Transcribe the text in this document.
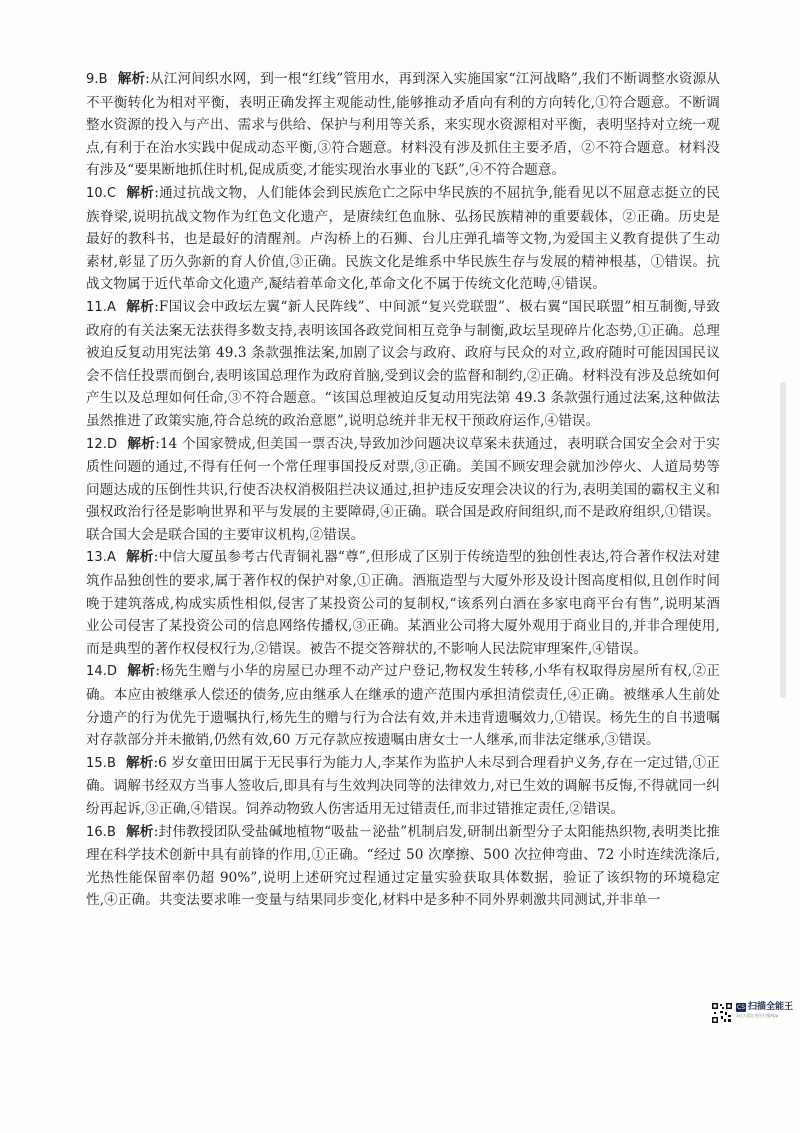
9.B 解析:从江河间织水网，到一根“红线”管用水，再到深入实施国家“江河战略”,我们不断调整水资源从不平衡转化为相对平衡，表明正确发挥主观能动性,能够推动矛盾向有利的方向转化,①符合题意。不断调整水资源的投入与产出、需求与供给、保护与利用等关系，来实现水资源相对平衡，表明坚持对立统一观点,有利于在治水实践中促成动态平衡,③符合题意。材料没有涉及抓住主要矛盾，②不符合题意。材料没有涉及“要果断地抓住时机,促成质变,才能实现治水事业的飞跃”,④不符合题意。

10.C 解析:通过抗战文物，人们能体会到民族危亡之际中华民族的不屈抗争,能看见以不屈意志挺立的民族脊梁,说明抗战文物作为红色文化遗产，是赓续红色血脉、弘扬民族精神的重要载体，②正确。历史是最好的教科书，也是最好的清醒剂。卢沟桥上的石狮、台儿庄弹孔墙等文物,为爱国主义教育提供了生动素材,彰显了历久弥新的育人价值,③正确。民族文化是维系中华民族生存与发展的精神根基，①错误。抗战文物属于近代革命文化遗产,凝结着革命文化,革命文化不属于传统文化范畴,④错误。

11.A 解析:F国议会中政坛左翼“新人民阵线”、中间派“复兴党联盟”、极右翼“国民联盟”相互制衡,导致政府的有关法案无法获得多数支持,表明该国各政党间相互竞争与制衡,政坛呈现碎片化态势,①正确。总理被迫反复动用宪法第 49.3 条款强推法案,加剧了议会与政府、政府与民众的对立,政府随时可能因国民议会不信任投票而倒台,表明该国总理作为政府首脑,受到议会的监督和制约,②正确。材料没有涉及总统如何产生以及总理如何任命,③不符合题意。“该国总理被迫反复动用宪法第 49.3 条款强行通过法案,这种做法虽然推进了政策实施,符合总统的政治意愿”,说明总统并非无权干预政府运作,④错误。

12.D 解析:14 个国家赞成,但美国一票否决,导致加沙问题决议草案未获通过，表明联合国安全会对于实质性问题的通过,不得有任何一个常任理事国投反对票,③正确。美国不顾安理会就加沙停火、人道局势等问题达成的压倒性共识,行使否决权消极阻拦决议通过,担护违反安理会决议的行为,表明美国的霸权主义和强权政治行径是影响世界和平与发展的主要障碍,④正确。联合国是政府间组织,而不是政府组织,①错误。联合国大会是联合国的主要审议机构,②错误。

13.A 解析:中信大厦虽参考古代青铜礼器“尊”,但形成了区别于传统造型的独创性表达,符合著作权法对建筑作品独创性的要求,属于著作权的保护对象,①正确。酒瓶造型与大厦外形及设计图高度相似,且创作时间晚于建筑落成,构成实质性相似,侵害了某投资公司的复制权,“该系列白酒在多家电商平台有售”,说明某酒业公司侵害了某投资公司的信息网络传播权,③正确。某酒业公司将大厦外观用于商业目的,并非合理使用,而是典型的著作权侵权行为,②错误。被告不提交答辩状的,不影响人民法院审理案件,④错误。

14.D 解析:杨先生赠与小华的房屋已办理不动产过户登记,物权发生转移,小华有权取得房屋所有权,②正确。本应由被继承人偿还的债务,应由继承人在继承的遗产范围内承担清偿责任,④正确。被继承人生前处分遗产的行为优先于遗嘱执行,杨先生的赠与行为合法有效,并未违背遗嘱效力,①错误。杨先生的自书遗嘱对存款部分并未撤销,仍然有效,60 万元存款应按遗嘱由唐女士一人继承,而非法定继承,③错误。

15.B 解析:6 岁女童田田属于无民事行为能力人,李某作为监护人未尽到合理看护义务,存在一定过错,①正确。调解书经双方当事人签收后,即具有与生效判决同等的法律效力,对已生效的调解书反悔,不得就同一纠纷再起诉,③正确,④错误。饲养动物致人伤害适用无过错责任,而非过错推定责任,②错误。

16.B 解析:封伟教授团队受盐碱地植物“吸盐－泌盐”机制启发,研制出新型分子太阳能热织物,表明类比推理在科学技术创新中具有前锋的作用,①正确。“经过 50 次摩擦、500 次拉伸弯曲、72 小时连续洗涤后,光热性能保留率仍超 90%”,说明上述研究过程通过定量实验获取具体数据，验证了该织物的环境稳定性,④正确。共变法要求唯一变量与结果同步变化,材料中是多种不同外界刺激共同测试,并非单一

CS 扫描全能王
3亿人都在用的扫描App
